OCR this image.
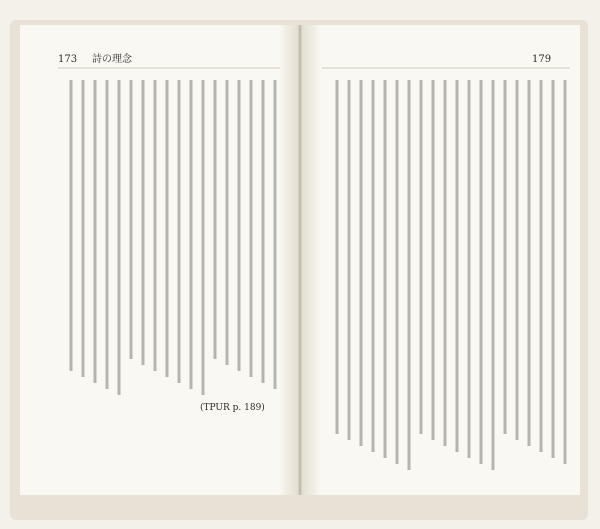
173 詩の理念	179
(TPUR p. 189)
